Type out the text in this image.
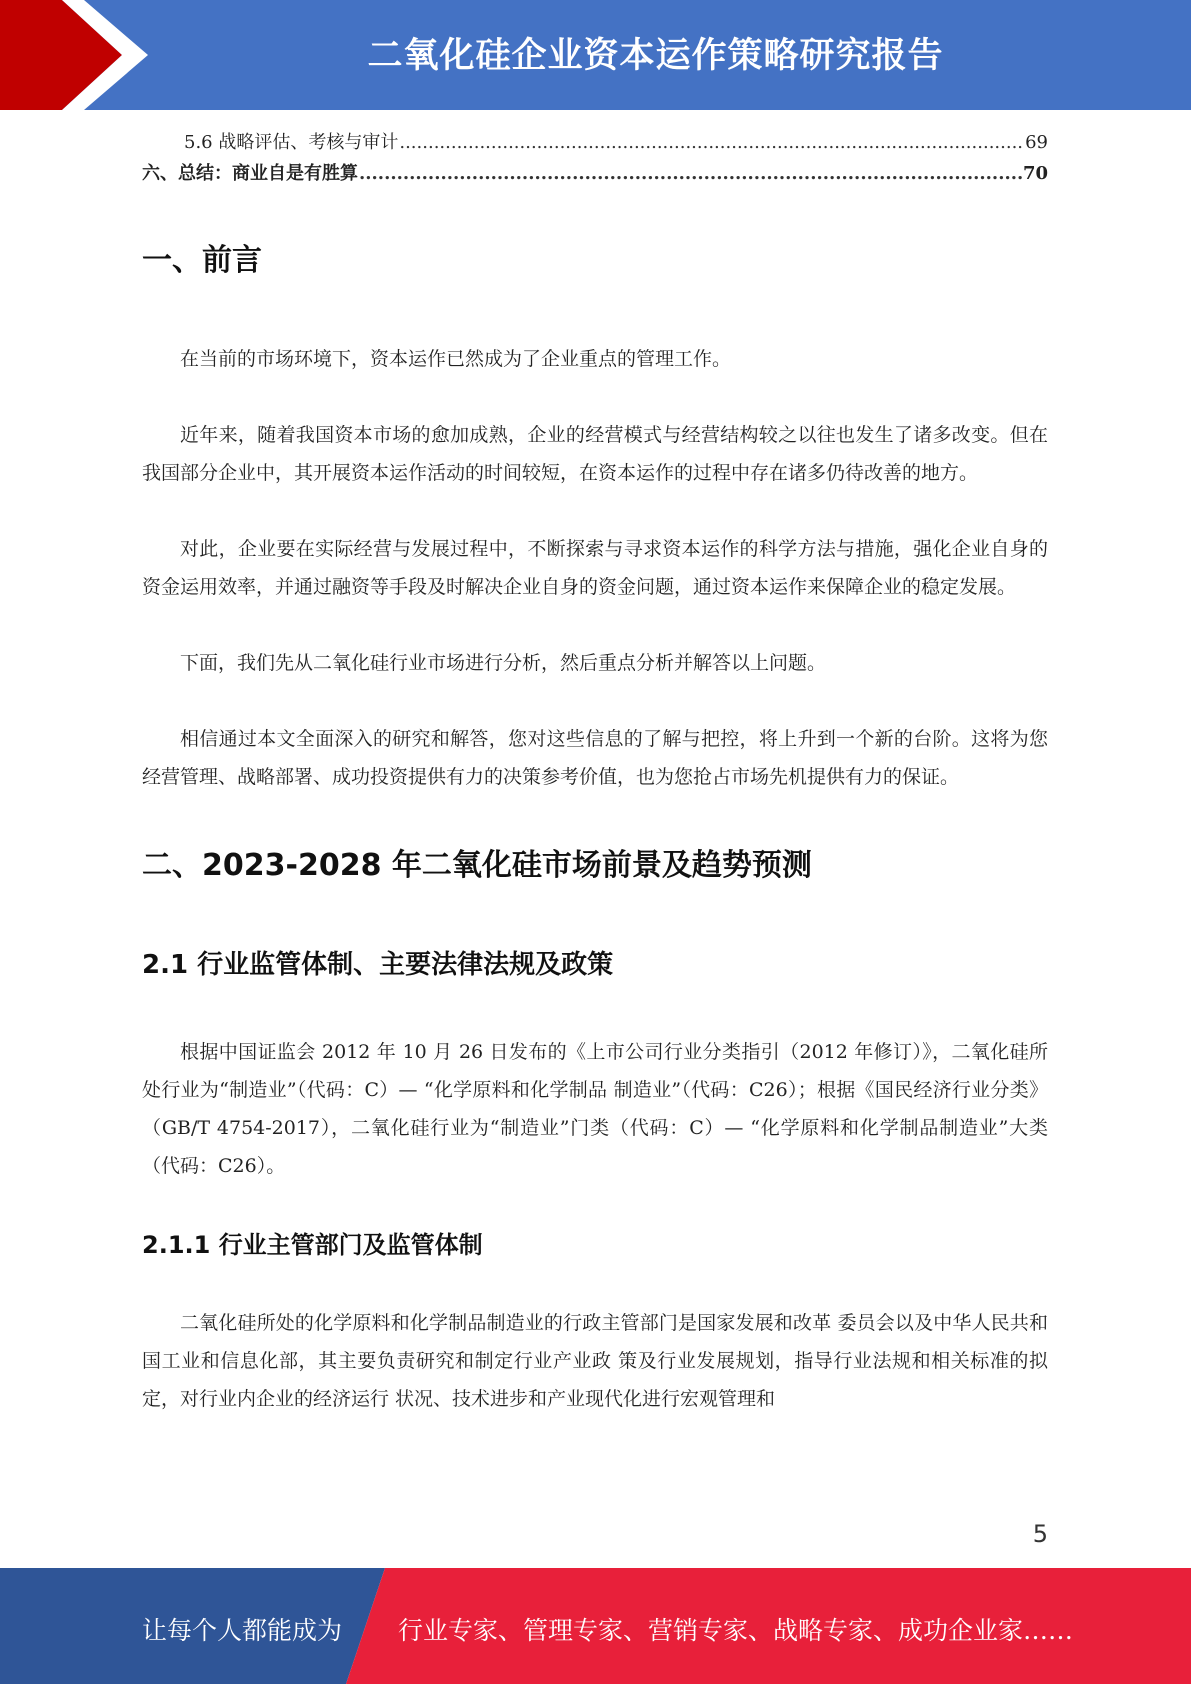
二氧化硅企业资本运作策略研究报告
5.6 战略评估、考核与审计 .....	69
六、总结：商业自是有胜算 .....	70
一、前言

在当前的市场环境下，资本运作已然成为了企业重点的管理工作。

近年来，随着我国资本市场的愈加成熟，企业的经营模式与经营结构较之以往也发生了诸多改变。但在我国部分企业中，其开展资本运作活动的时间较短，在资本运作的过程中存在诸多仍待改善的地方。

对此，企业要在实际经营与发展过程中，不断探索与寻求资本运作的科学方法与措施，强化企业自身的资金运用效率，并通过融资等手段及时解决企业自身的资金问题，通过资本运作来保障企业的稳定发展。

下面，我们先从二氧化硅行业市场进行分析，然后重点分析并解答以上问题。

相信通过本文全面深入的研究和解答，您对这些信息的了解与把控，将上升到一个新的台阶。这将为您经营管理、战略部署、成功投资提供有力的决策参考价值，也为您抢占市场先机提供有力的保证。

二、2023-2028 年二氧化硅市场前景及趋势预测
2.1 行业监管体制、主要法律法规及政策

根据中国证监会 2012 年 10 月 26 日发布的《上市公司行业分类指引（2012 年修订）》，二氧化硅所处行业为“制造业”（代码：C）— “化学原料和化学制品 制造业”（代码：C26）；根据《国民经济行业分类》（GB/T 4754-2017），二氧化硅行业为“制造业”门类（代码：C）— “化学原料和化学制品制造业”大类（代码：C26）。

2.1.1 行业主管部门及监管体制

二氧化硅所处的化学原料和化学制品制造业的行政主管部门是国家发展和改革 委员会以及中华人民共和国工业和信息化部，其主要负责研究和制定行业产业政 策及行业发展规划，指导行业法规和相关标准的拟定，对行业内企业的经济运行 状况、技术进步和产业现代化进行宏观管理和

5
让每个人都能成为 行业专家、管理专家、营销专家、战略专家、成功企业家……
